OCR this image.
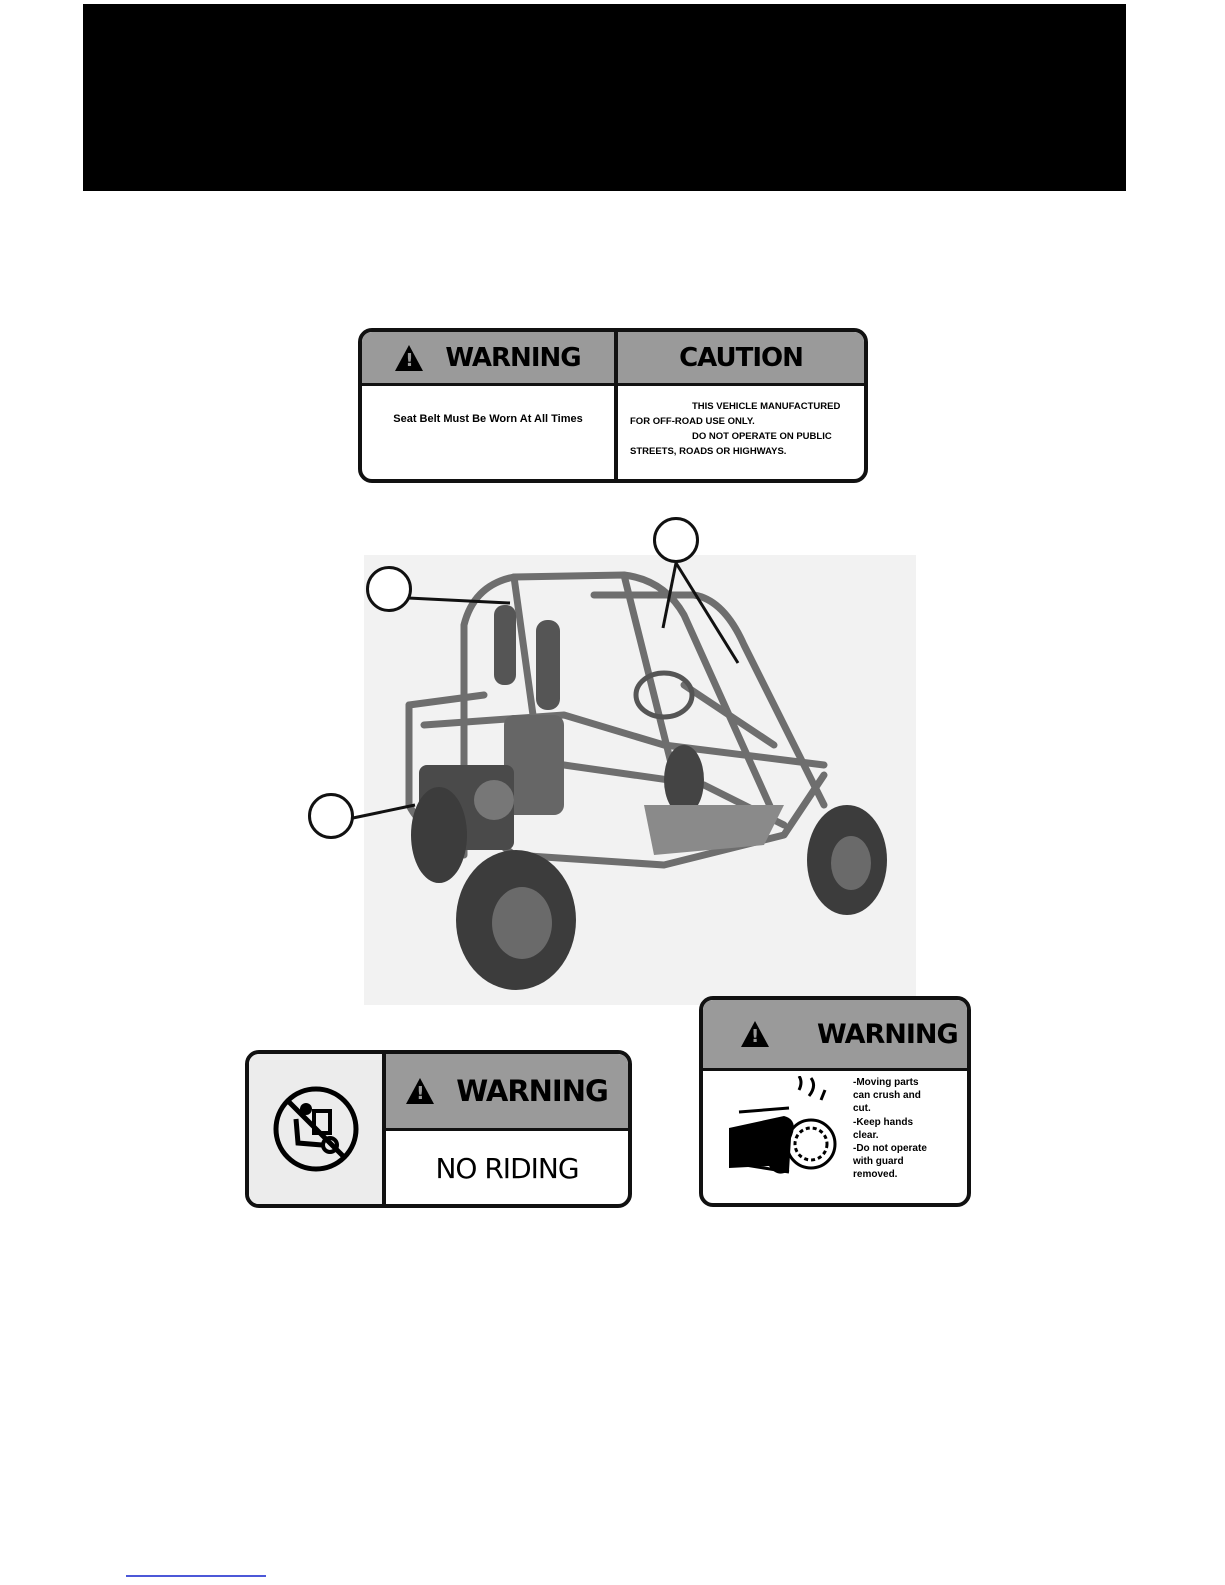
!
WARNING
Seat Belt Must Be Worn At All Times
CAUTION
THIS VEHICLE MANUFACTURED
FOR OFF-ROAD USE ONLY.
DO NOT OPERATE ON PUBLIC
STREETS, ROADS OR HIGHWAYS.
!
WARNING
NO RIDING
!
WARNING
-Moving parts
can crush and
cut.
-Keep hands
clear.
-Do not operate
with guard
removed.
